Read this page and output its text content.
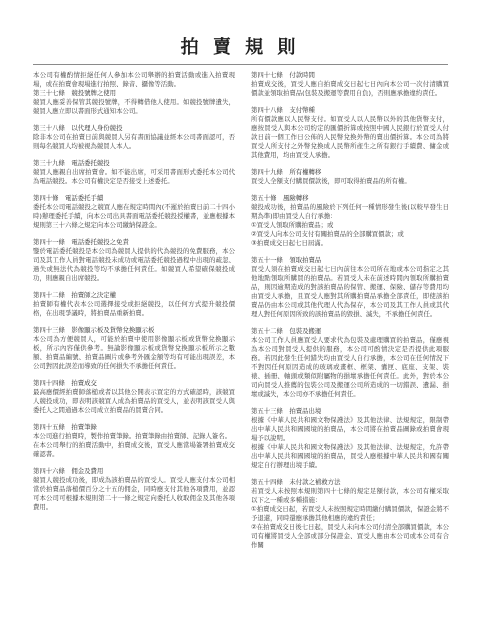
拍 賣 規 則

本公司有權酌情拒絕任何人參加本公司舉辦的拍賣活動或進入拍賣現場，或在拍賣會現場進行拍照、錄音、攝像等活動。

第三十七條　競投號牌之使用

競買人應妥善保管其競投號牌，不得轉借他人使用。如競投號牌遺失，競買人應立即以書面形式通知本公司。

第三十八條　以代理人身份競投

除非本公司在拍賣日前與競買人另有書面協議並經本公司書面認可，否則每名競買人均被視為競買人本人。

第三十九條　電話委托競投

競買人應親自出席拍賣會。如不能出席，可采用書面形式委托本公司代為電話競投。本公司有權決定是否接受上述委托。

第四十條　電話委托手續

委托本公司電話競投之競買人應在規定時間內(不遲於拍賣日前二十四小時)辦理委托手續，向本公司出具書面電話委托競投授權書，並應根據本規則第三十六條之規定向本公司繳納保證金。

第四十一條　電話委托競投之免責

鑒於電話委托競投是本公司為競買人提供的代為競投的免費服務，本公司及其工作人員對電話競投未成功或電話委托競投過程中出現的疏忽、過失或無法代為競投等均不承擔任何責任。如競買人希望確保競投成功，則應親自出席競投。

第四十二條　拍賣師之決定權

拍賣師有權代表本公司選擇接受或拒絕競投，以任何方式提升競投價格，在出現爭議時，將拍賣品重新拍賣。

第四十三條　影像顯示板及貨幣兌換顯示板

本公司為方便競買人，可能於拍賣中使用影像顯示板或貨幣兌換顯示板，所示內容僅供參考。無論影像顯示板或貨幣兌換顯示板所示之數額、拍賣品編號、拍賣品圖片或參考外匯金額等均有可能出現誤差，本公司對因此誤差而導致的任何損失不承擔任何責任。

第四十四條　拍賣成交

最高應價經拍賣師落槌或者以其他公開表示買定的方式確認時，該競買人競投成功，即表明該競買人成為拍賣品的買受人，並表明該買受人與委托人之間通過本公司成立拍賣品的買賣合同。

第四十五條　拍賣筆錄

本公司進行拍賣時，製作拍賣筆錄。拍賣筆錄由拍賣師、記錄人簽名。

在本公司舉行的拍賣活動中，拍賣成交後，買受人應當場簽署拍賣成交確認書。

第四十六條　佣金及費用

競買人競投成功後，即成為該拍賣品的買受人。買受人應支付本公司相當於拍賣品落槌價百分之十五的佣金，同時應支付其他各項費用，並認可本公司可根據本規則第二十一條之規定向委托人收取佣金及其他各項費用。

第四十七條　付款時間

拍賣成交後，買受人應自拍賣成交日起七日內向本公司一次付清購買價款並領取拍賣品(包裝及搬運等費用自負)，否則應承擔違約責任。

第四十八條　支付幣種

所有價款應以人民幣支付。如買受人以人民幣以外的其他貨幣支付，應按買受人與本公司約定的匯價折算或按照中國人民銀行於買受人付款日前一個工作日公佈的人民幣兌換外幣的賣出價折算。本公司為將買受人所支付之外幣兌換成人民幣所產生之所有銀行手續費、傭金或其他費用，均由買受人承擔。

第四十九條　所有權轉移

買受人全額支付購買價款後，即可取得拍賣品的所有權。

第五十條　風險轉移

競投成功後，拍賣品的風險於下列任何一種情形發生後(以較早發生日期為準)即由買受人自行承擔：

①買受人領取所購拍賣品；或

②買受人向本公司支付有關拍賣品的全部購買價款；或

③拍賣成交日起七日屆滿。

第五十一條　領取拍賣品

買受人須在拍賣成交日起七日內前往本公司所在地或本公司指定之其他地點領取所購買的拍賣品。若買受人未在前述時間內領取所購拍賣品，則因逾期造成的對該拍賣品的保管、搬運、保險、儲存等費用均由買受人承擔，且買受人應對其所購拍賣品承擔全部責任，即使該拍賣品仍由本公司或其他代理人代為保存，本公司及其工作人員或其代理人對任何原因所致的該拍賣品的毀損、滅失，不承擔任何責任。

第五十二條　包裝及搬運

本公司工作人員應買受人要求代為包裝及處理購買的拍賣品，僅應視為本公司對買受人提供的服務，本公司可酌情決定是否提供此項服務。若因此發生任何錯失均由買受人自行承擔，本公司在任何情況下不對因任何原因造成的玻璃或畫框、框架、囊匣、底座、支架、裝裱、插冊、軸頭或類似附屬物的損壞承擔任何責任。此外，對於本公司向買受人推薦的包裝公司及搬運公司所造成的一切錯誤、遺漏、損壞或滅失，本公司亦不承擔任何責任。

第五十三條　拍賣品出境

根據《中華人民共和國文物保護法》及其他法律、法規規定，限制帶出中華人民共和國國境的拍賣品，本公司將在拍賣品圖錄或拍賣會現場予以說明。

根據《中華人民共和國文物保護法》及其他法律、法規規定，允許帶出中華人民共和國國境的拍賣品，買受人應根據中華人民共和國有關規定自行辦理出境手續。

第五十四條　未付款之補救方法

若買受人未按照本規則第四十七條的規定足額付款，本公司有權采取以下之一種或多種措施：

①拍賣成交日起，若買受人未按照規定時間繳付購買價款，保證金將不予退還，同時還應承擔其他相應的違約責任；

②在拍賣成交日後七日起，買受人未向本公司付清全部購買價款，本公司有權將買受人全部或部分保證金、買受人應由本公司或本公司有合作關
